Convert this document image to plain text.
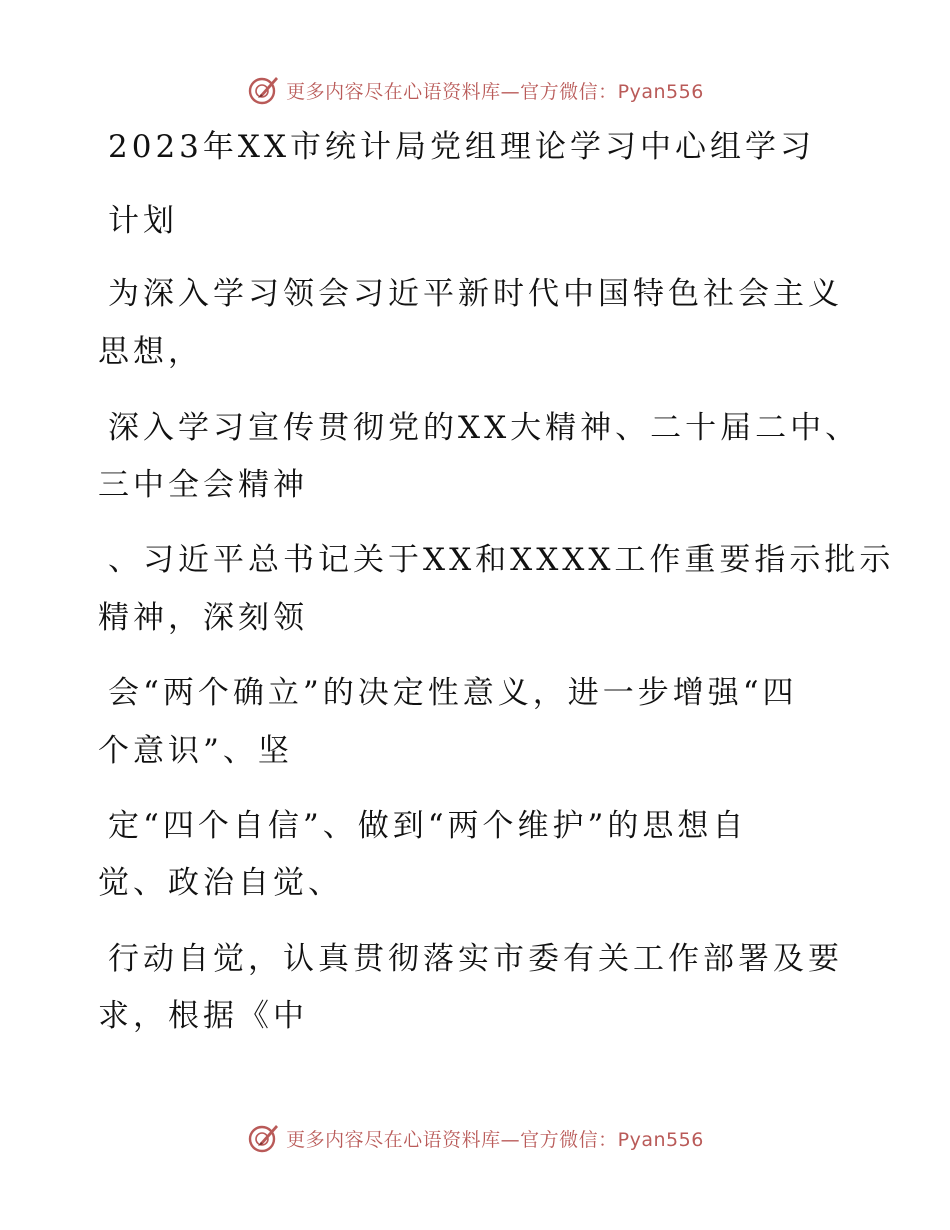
更多内容尽在心语资料库—官方微信：Pyan556
2023年XX市统计局党组理论学习中心组学习
计划
为深入学习领会习近平新时代中国特色社会主义
思想，
深入学习宣传贯彻党的XX大精神、二十届二中、
三中全会精神
、习近平总书记关于XX和XXXX工作重要指示批示
精神，深刻领
会“两个确立”的决定性意义，进一步增强“四
个意识”、坚
定“四个自信”、做到“两个维护”的思想自
觉、政治自觉、
行动自觉，认真贯彻落实市委有关工作部署及要
求，根据《中
更多内容尽在心语资料库—官方微信：Pyan556
